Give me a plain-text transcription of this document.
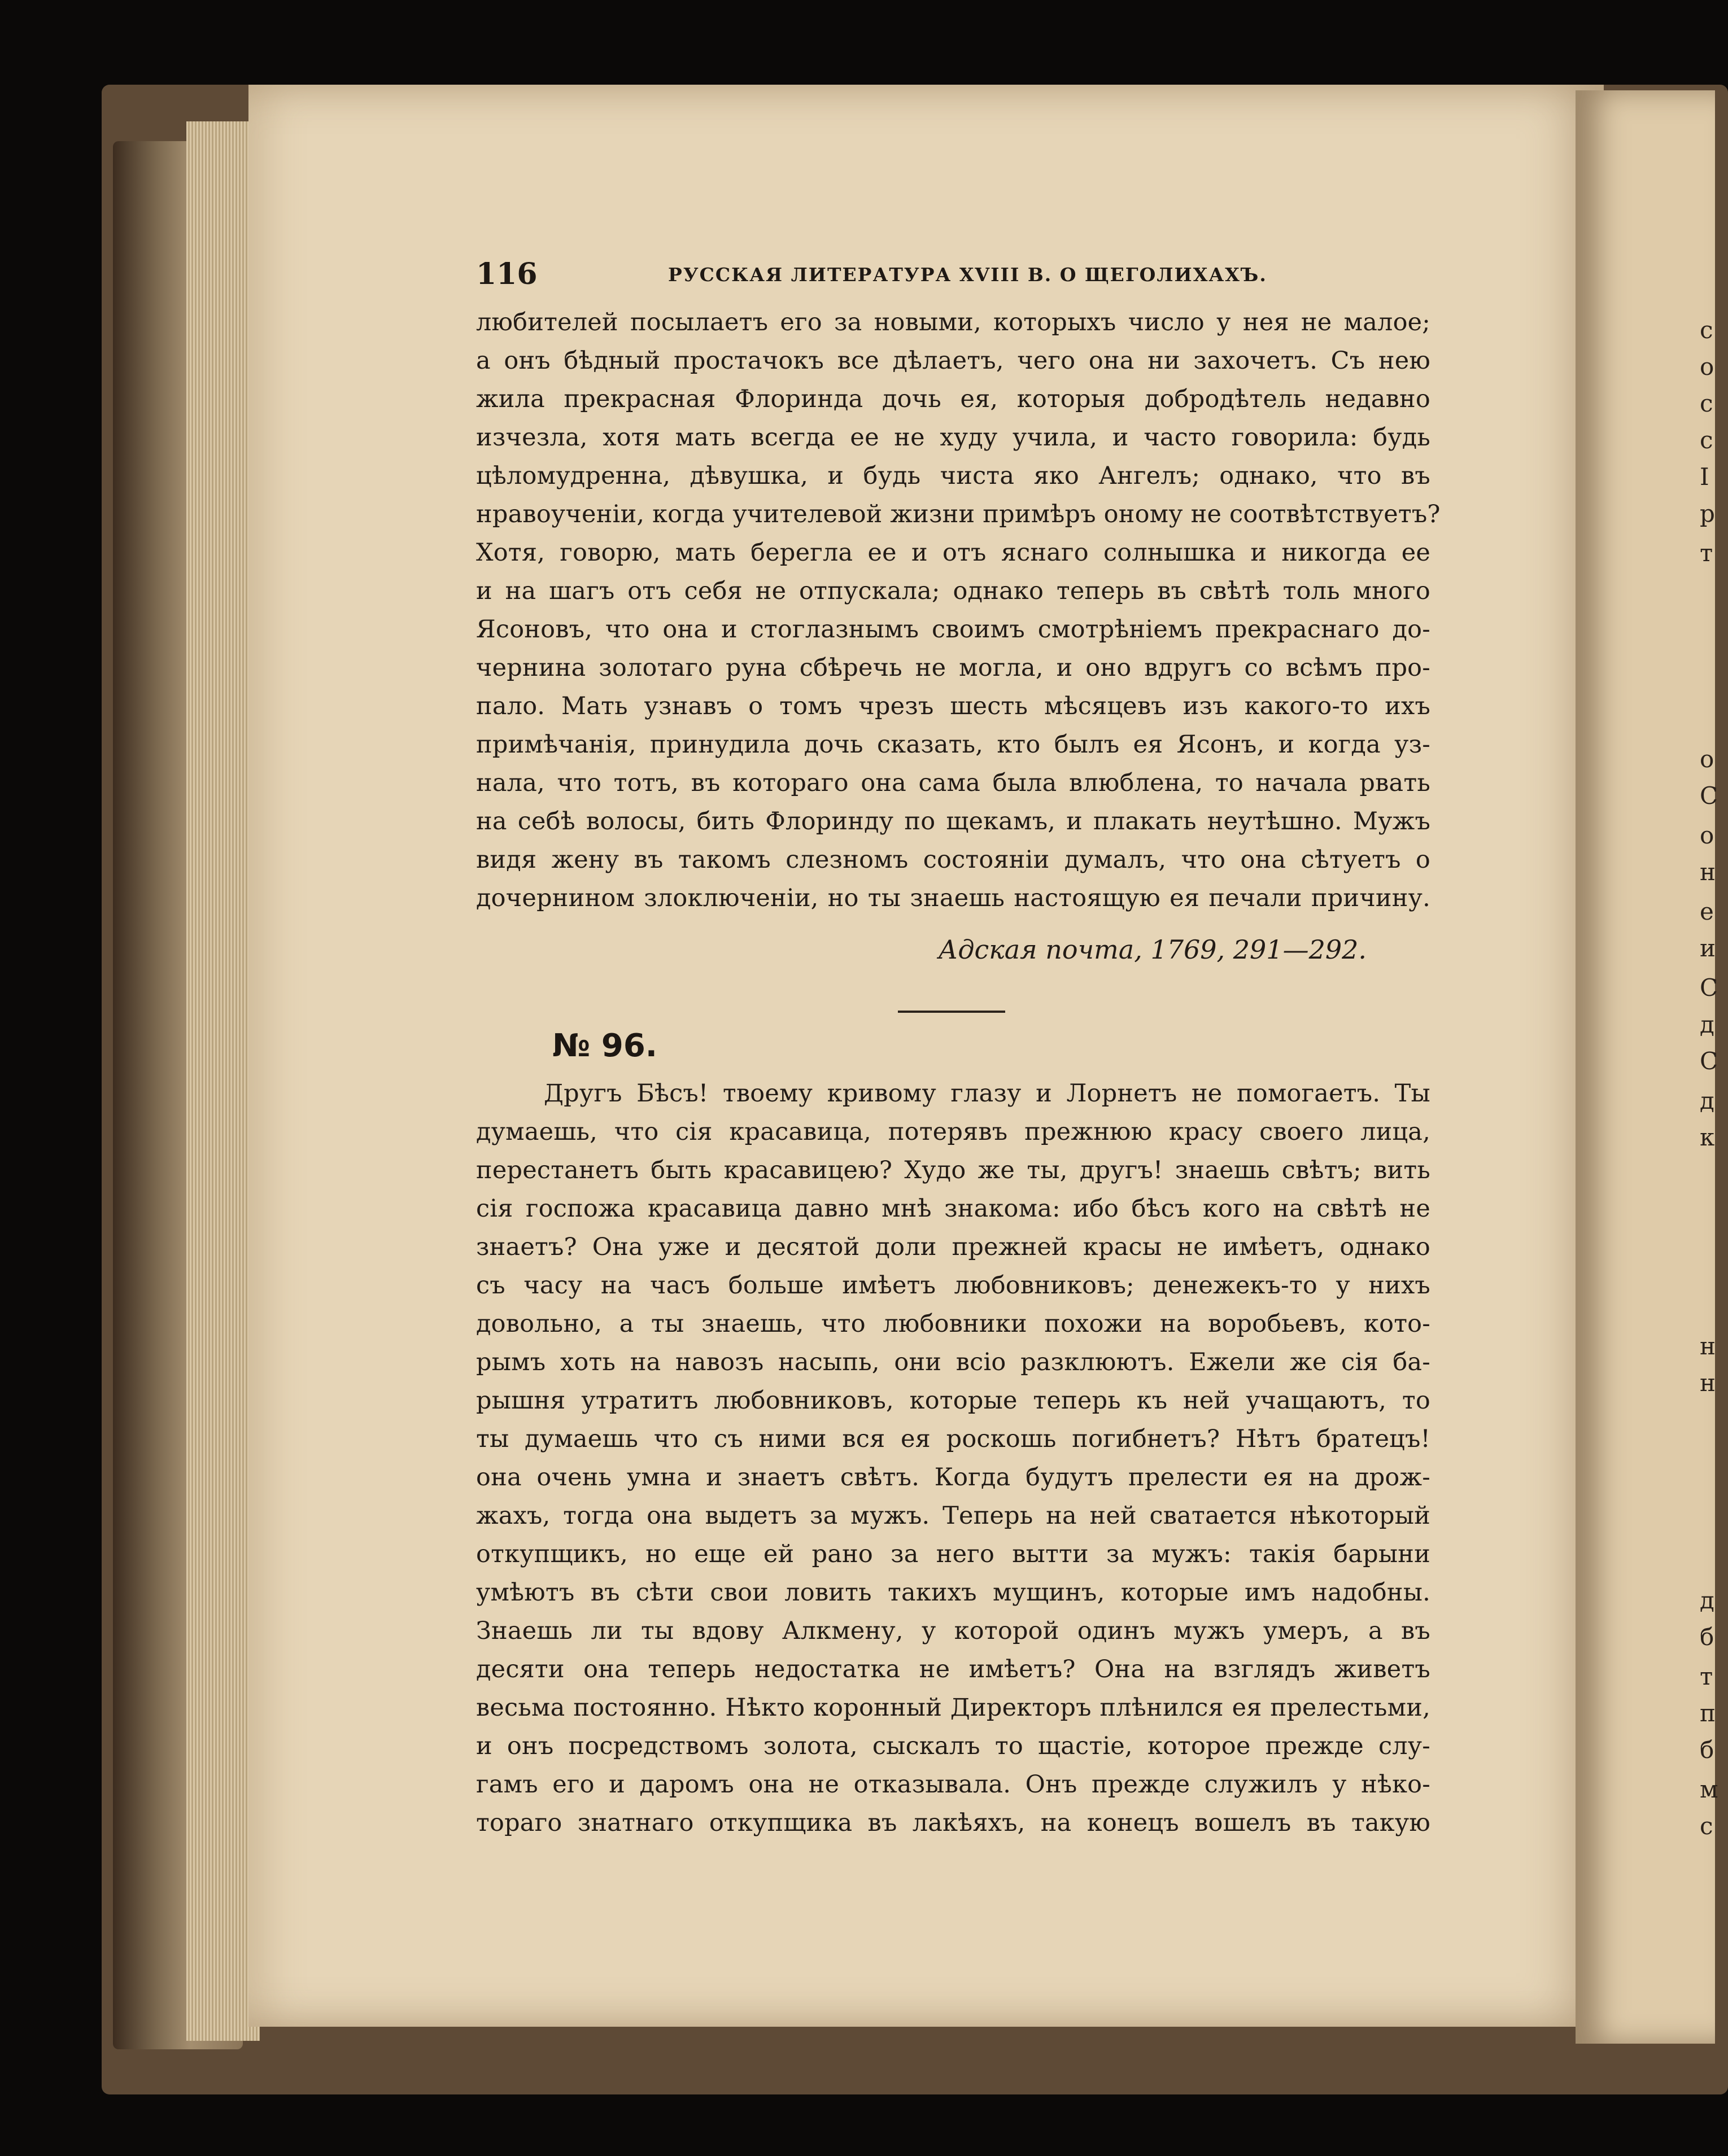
116	РУССКАЯ ЛИТЕРАТУРА XVIII В. О ЩЕГОЛИХАХЪ.
любителей посылаетъ его за новыми, которыхъ число у нея не малое;
а онъ бѣдный простачокъ все дѣлаетъ, чего она ни захочетъ. Съ нею
жила прекрасная Флоринда дочь ея, которыя добродѣтель недавно
изчезла, хотя мать всегда ее не худу учила, и часто говорила: будь
цѣломудренна, дѣвушка, и будь чиста яко Ангелъ; однако, что въ
нравоученіи, когда учителевой жизни примѣръ оному не соотвѣтствуетъ?
Хотя, говорю, мать берегла ее и отъ яснаго солнышка и никогда ее
и на шагъ отъ себя не отпускала; однако теперь въ свѣтѣ толь много
Ясоновъ, что она и стоглазнымъ своимъ смотрѣніемъ прекраснаго до-
чернина золотаго руна сбѣречь не могла, и оно вдругъ со всѣмъ про-
пало. Мать узнавъ о томъ чрезъ шесть мѣсяцевъ изъ какого-то ихъ
примѣчанія, принудила дочь сказать, кто былъ ея Ясонъ, и когда уз-
нала, что тотъ, въ котораго она сама была влюблена, то начала рвать
на себѣ волосы, бить Флоринду по щекамъ, и плакать неутѣшно. Мужъ
видя жену въ такомъ слезномъ состояніи думалъ, что она сѣтуетъ о
дочернином злоключеніи, но ты знаешь настоящую ея печали причину.
Адская почта, 1769, 291—292.
№ 96.
Другъ Бѣсъ! твоему кривому глазу и Лорнетъ не помогаетъ. Ты
думаешь, что сія красавица, потерявъ прежнюю красу своего лица,
перестанетъ быть красавицею? Худо же ты, другъ! знаешь свѣтъ; вить
сія госпожа красавица давно мнѣ знакома: ибо бѣсъ кого на свѣтѣ не
знаетъ? Она уже и десятой доли прежней красы не имѣетъ, однако
съ часу на часъ больше имѣетъ любовниковъ; денежекъ-то у нихъ
довольно, а ты знаешь, что любовники похожи на воробьевъ, кото-
рымъ хоть на навозъ насыпь, они всіо разклюютъ. Ежели же сія ба-
рышня утратитъ любовниковъ, которые теперь къ ней учащаютъ, то
ты думаешь что съ ними вся ея роскошь погибнетъ? Нѣтъ братецъ!
она очень умна и знаетъ свѣтъ. Когда будутъ прелести ея на дрож-
жахъ, тогда она выдетъ за мужъ. Теперь на ней сватается нѣкоторый
откупщикъ, но еще ей рано за него вытти за мужъ: такія барыни
умѣютъ въ сѣти свои ловить такихъ мущинъ, которые имъ надобны.
Знаешь ли ты вдову Алкмену, у которой одинъ мужъ умеръ, а въ
десяти она теперь недостатка не имѣетъ? Она на взглядъ живетъ
весьма постоянно. Нѣкто коронный Директоръ плѣнился ея прелестьми,
и онъ посредствомъ золота, сыскалъ то щастіе, которое прежде слу-
гамъ его и даромъ она не отказывала. Онъ прежде служилъ у нѣко-
тораго знатнаго откупщика въ лакѣяхъ, на конецъ вошелъ въ такую
с
о
с
с
І
р
т
о
С
о
н
е
и
С
д
С
д
к
н
н
д
б
т
п
б
м
с
